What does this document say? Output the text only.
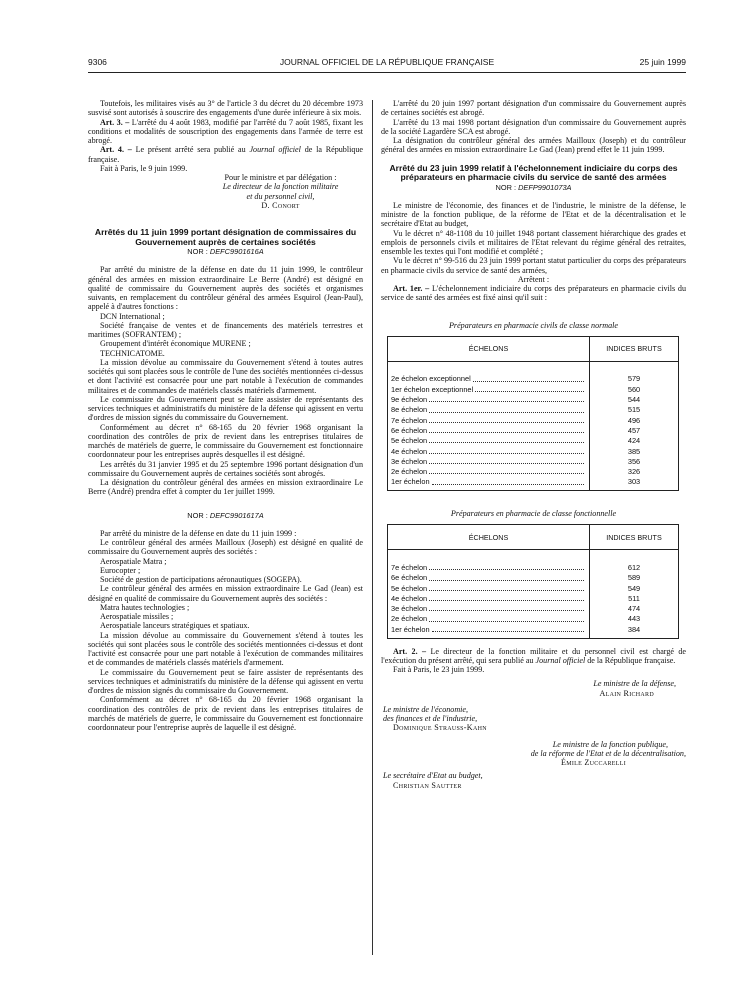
9306	JOURNAL OFFICIEL DE LA RÉPUBLIQUE FRANÇAISE	25 juin 1999

Toutefois, les militaires visés au 3° de l'article 3 du décret du 20 décembre 1973 susvisé sont autorisés à souscrire des engagements d'une durée inférieure à six mois.

Art. 3. – L'arrêté du 4 août 1983, modifié par l'arrêté du 7 août 1985, fixant les conditions et modalités de souscription des engagements dans l'armée de terre est abrogé.

Art. 4. – Le présent arrêté sera publié au Journal officiel de la République française.

Fait à Paris, le 9 juin 1999.

Pour le ministre et par délégation :
Le directeur de la fonction militaire
et du personnel civil,
D. Conort

Arrêtés du 11 juin 1999 portant désignation de commissaires du Gouvernement auprès de certaines sociétés

NOR : DEFC9901616A

Par arrêté du ministre de la défense en date du 11 juin 1999, le contrôleur général des armées en mission extraordinaire Le Berre (André) est désigné en qualité de commissaire du Gouvernement auprès des sociétés et organismes suivants, en remplacement du contrôleur général des armées Esquirol (Jean-Paul), appelé à d'autres fonctions :

DCN International ;

Société française de ventes et de financements des matériels terrestres et maritimes (SOFRANTEM) ;

Groupement d'intérêt économique MURENE ;

TECHNICATOME.

La mission dévolue au commissaire du Gouvernement s'étend à toutes autres sociétés qui sont placées sous le contrôle de l'une des sociétés mentionnées ci-dessus et dont l'activité est consacrée pour une part notable à l'exécution de commandes militaires et de commandes de matériels classés matériels d'armement.

Le commissaire du Gouvernement peut se faire assister de représentants des services techniques et administratifs du ministère de la défense qui agissent en vertu d'ordres de mission signés du commissaire du Gouvernement.

Conformément au décret n° 68-165 du 20 février 1968 organisant la coordination des contrôles de prix de revient dans les entreprises titulaires de marchés de matériels de guerre, le commissaire du Gouvernement est fonctionnaire coordonnateur pour les entreprises auprès desquelles il est désigné.

Les arrêtés du 31 janvier 1995 et du 25 septembre 1996 portant désignation d'un commissaire du Gouvernement auprès de certaines sociétés sont abrogés.

La désignation du contrôleur général des armées en mission extraordinaire Le Berre (André) prendra effet à compter du 1er juillet 1999.

NOR : DEFC9901617A

Par arrêté du ministre de la défense en date du 11 juin 1999 :

Le contrôleur général des armées Mailloux (Joseph) est désigné en qualité de commissaire du Gouvernement auprès des sociétés :

Aerospatiale Matra ;

Eurocopter ;

Société de gestion de participations aéronautiques (SOGEPA).

Le contrôleur général des armées en mission extraordinaire Le Gad (Jean) est désigné en qualité de commissaire du Gouvernement auprès des sociétés :

Matra hautes technologies ;

Aerospatiale missiles ;

Aerospatiale lanceurs stratégiques et spatiaux.

La mission dévolue au commissaire du Gouvernement s'étend à toutes les sociétés qui sont placées sous le contrôle des sociétés mentionnées ci-dessus et dont l'activité est consacrée pour une part notable à l'exécution de commandes militaires et de commandes de matériels classés matériels d'armement.

Le commissaire du Gouvernement peut se faire assister de représentants des services techniques et administratifs du ministère de la défense qui agissent en vertu d'ordres de mission signés du commissaire du Gouvernement.

Conformément au décret n° 68-165 du 20 février 1968 organisant la coordination des contrôles de prix de revient dans les entreprises titulaires de marchés de matériels de guerre, le commissaire du Gouvernement est fonctionnaire coordonnateur pour l'entreprise auprès de laquelle il est désigné.

L'arrêté du 20 juin 1997 portant désignation d'un commissaire du Gouvernement auprès de certaines sociétés est abrogé.

L'arrêté du 13 mai 1998 portant désignation d'un commissaire du Gouvernement auprès de la société Lagardère SCA est abrogé.

La désignation du contrôleur général des armées Mailloux (Joseph) et du contrôleur général des armées en mission extraordinaire Le Gad (Jean) prend effet le 11 juin 1999.

Arrêté du 23 juin 1999 relatif à l'échelonnement indiciaire du corps des préparateurs en pharmacie civils du service de santé des armées

NOR : DEFP9901073A

Le ministre de l'économie, des finances et de l'industrie, le ministre de la défense, le ministre de la fonction publique, de la réforme de l'Etat et de la décentralisation et le secrétaire d'Etat au budget,

Vu le décret n° 48-1108 du 10 juillet 1948 portant classement hiérarchique des grades et emplois de personnels civils et militaires de l'Etat relevant du régime général des retraites, ensemble les textes qui l'ont modifié et complété ;

Vu le décret n° 99-516 du 23 juin 1999 portant statut particulier du corps des préparateurs en pharmacie civils du service de santé des armées,

Arrêtent :

Art. 1er. – L'échelonnement indiciaire du corps des préparateurs en pharmacie civils du service de santé des armées est fixé ainsi qu'il suit :

Préparateurs en pharmacie civils de classe normale

ÉCHELONS	INDICES BRUTS

2e échelon exceptionnel	579

1er échelon exceptionnel	560

9e échelon	544

8e échelon	515

7e échelon	496

6e échelon	457

5e échelon	424

4e échelon	385

3e échelon	356

2e échelon	326

1er échelon	303

Préparateurs en pharmacie de classe fonctionnelle

ÉCHELONS	INDICES BRUTS

7e échelon	612

6e échelon	589

5e échelon	549

4e échelon	511

3e échelon	474

2e échelon	443

1er échelon	384

Art. 2. – Le directeur de la fonction militaire et du personnel civil est chargé de l'exécution du présent arrêté, qui sera publié au Journal officiel de la République française.

Fait à Paris, le 23 juin 1999.

Le ministre de la défense,
Alain Richard
Le ministre de l'économie,
des finances et de l'industrie,
Dominique Strauss-Kahn
Le ministre de la fonction publique,
de la réforme de l'Etat et de la décentralisation,
Émile Zuccarelli
Le secrétaire d'Etat au budget,
Christian Sautter
